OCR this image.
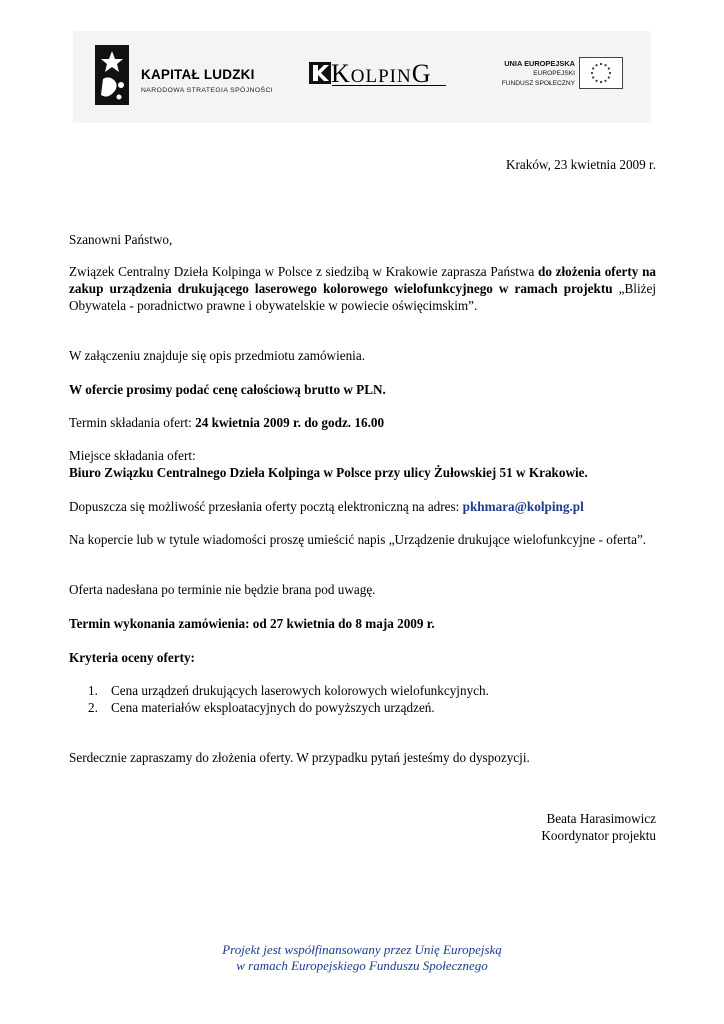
KAPITAŁ LUDZKI
NARODOWA STRATEGIA SPÓJNOŚCI
KOLPING	UNIA EUROPEJSKA
EUROPEJSKI
FUNDUSZ SPOŁECZNY
Kraków, 23 kwietnia 2009 r.
Szanowni Państwo,
Związek Centralny Dzieła Kolpinga w Polsce z siedzibą w Krakowie zaprasza Państwa do złożenia oferty na zakup urządzenia drukującego laserowego kolorowego wielofunkcyjnego w ramach projektu „Bliżej Obywatela - poradnictwo prawne i obywatelskie w powiecie oświęcimskim”.
W załączeniu znajduje się opis przedmiotu zamówienia.
W ofercie prosimy podać cenę całościową brutto w PLN.
Termin składania ofert: 24 kwietnia 2009 r. do godz. 16.00
Miejsce składania ofert:
Biuro Związku Centralnego Dzieła Kolpinga w Polsce przy ulicy Żułowskiej 51 w Krakowie.
Dopuszcza się możliwość przesłania oferty pocztą elektroniczną na adres: pkhmara@kolping.pl
Na kopercie lub w tytule wiadomości proszę umieścić napis „Urządzenie drukujące wielofunkcyjne - oferta”.
Oferta nadesłana po terminie nie będzie brana pod uwagę.
Termin wykonania zamówienia: od 27 kwietnia do 8 maja 2009 r.
Kryteria oceny oferty:
1. Cena urządzeń drukujących laserowych kolorowych wielofunkcyjnych.
2. Cena materiałów eksploatacyjnych do powyższych urządzeń.
Serdecznie zapraszamy do złożenia oferty. W przypadku pytań jesteśmy do dyspozycji.
Beata Harasimowicz
Koordynator projektu
Projekt jest współfinansowany przez Unię Europejską
w ramach Europejskiego Funduszu Społecznego
